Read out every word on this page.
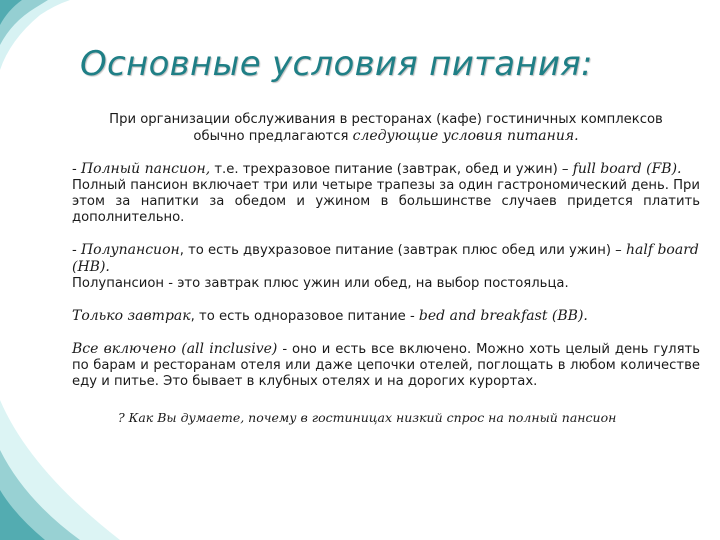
Основные условия питания:

При организации обслуживания в ресторанах (кафе) гостиничных комплексов обычно предлагаются следующие условия питания.

- Полный пансион, т.е. трехразовое питание (завтрак, обед и ужин) – full board (FB).

Полный пансион включает три или четыре трапезы за один гастрономический день. При этом за напитки за обедом и ужином в большинстве случаев придется платить дополнительно.

- Полупансион, то есть двухразовое питание (завтрак плюс обед или ужин) – half board (HB).

Полупансион - это завтрак плюс ужин или обед, на выбор постояльца.

Только завтрак, то есть одноразовое питание - bed and breakfast (BB).

Все включено (all inclusive) - оно и есть все включено. Можно хоть целый день гулять по барам и ресторанам отеля или даже цепочки отелей, поглощать в любом количестве еду и питье. Это бывает в клубных отелях и на дорогих курортах.

? Как Вы думаете, почему в гостиницах низкий спрос на полный пансион
